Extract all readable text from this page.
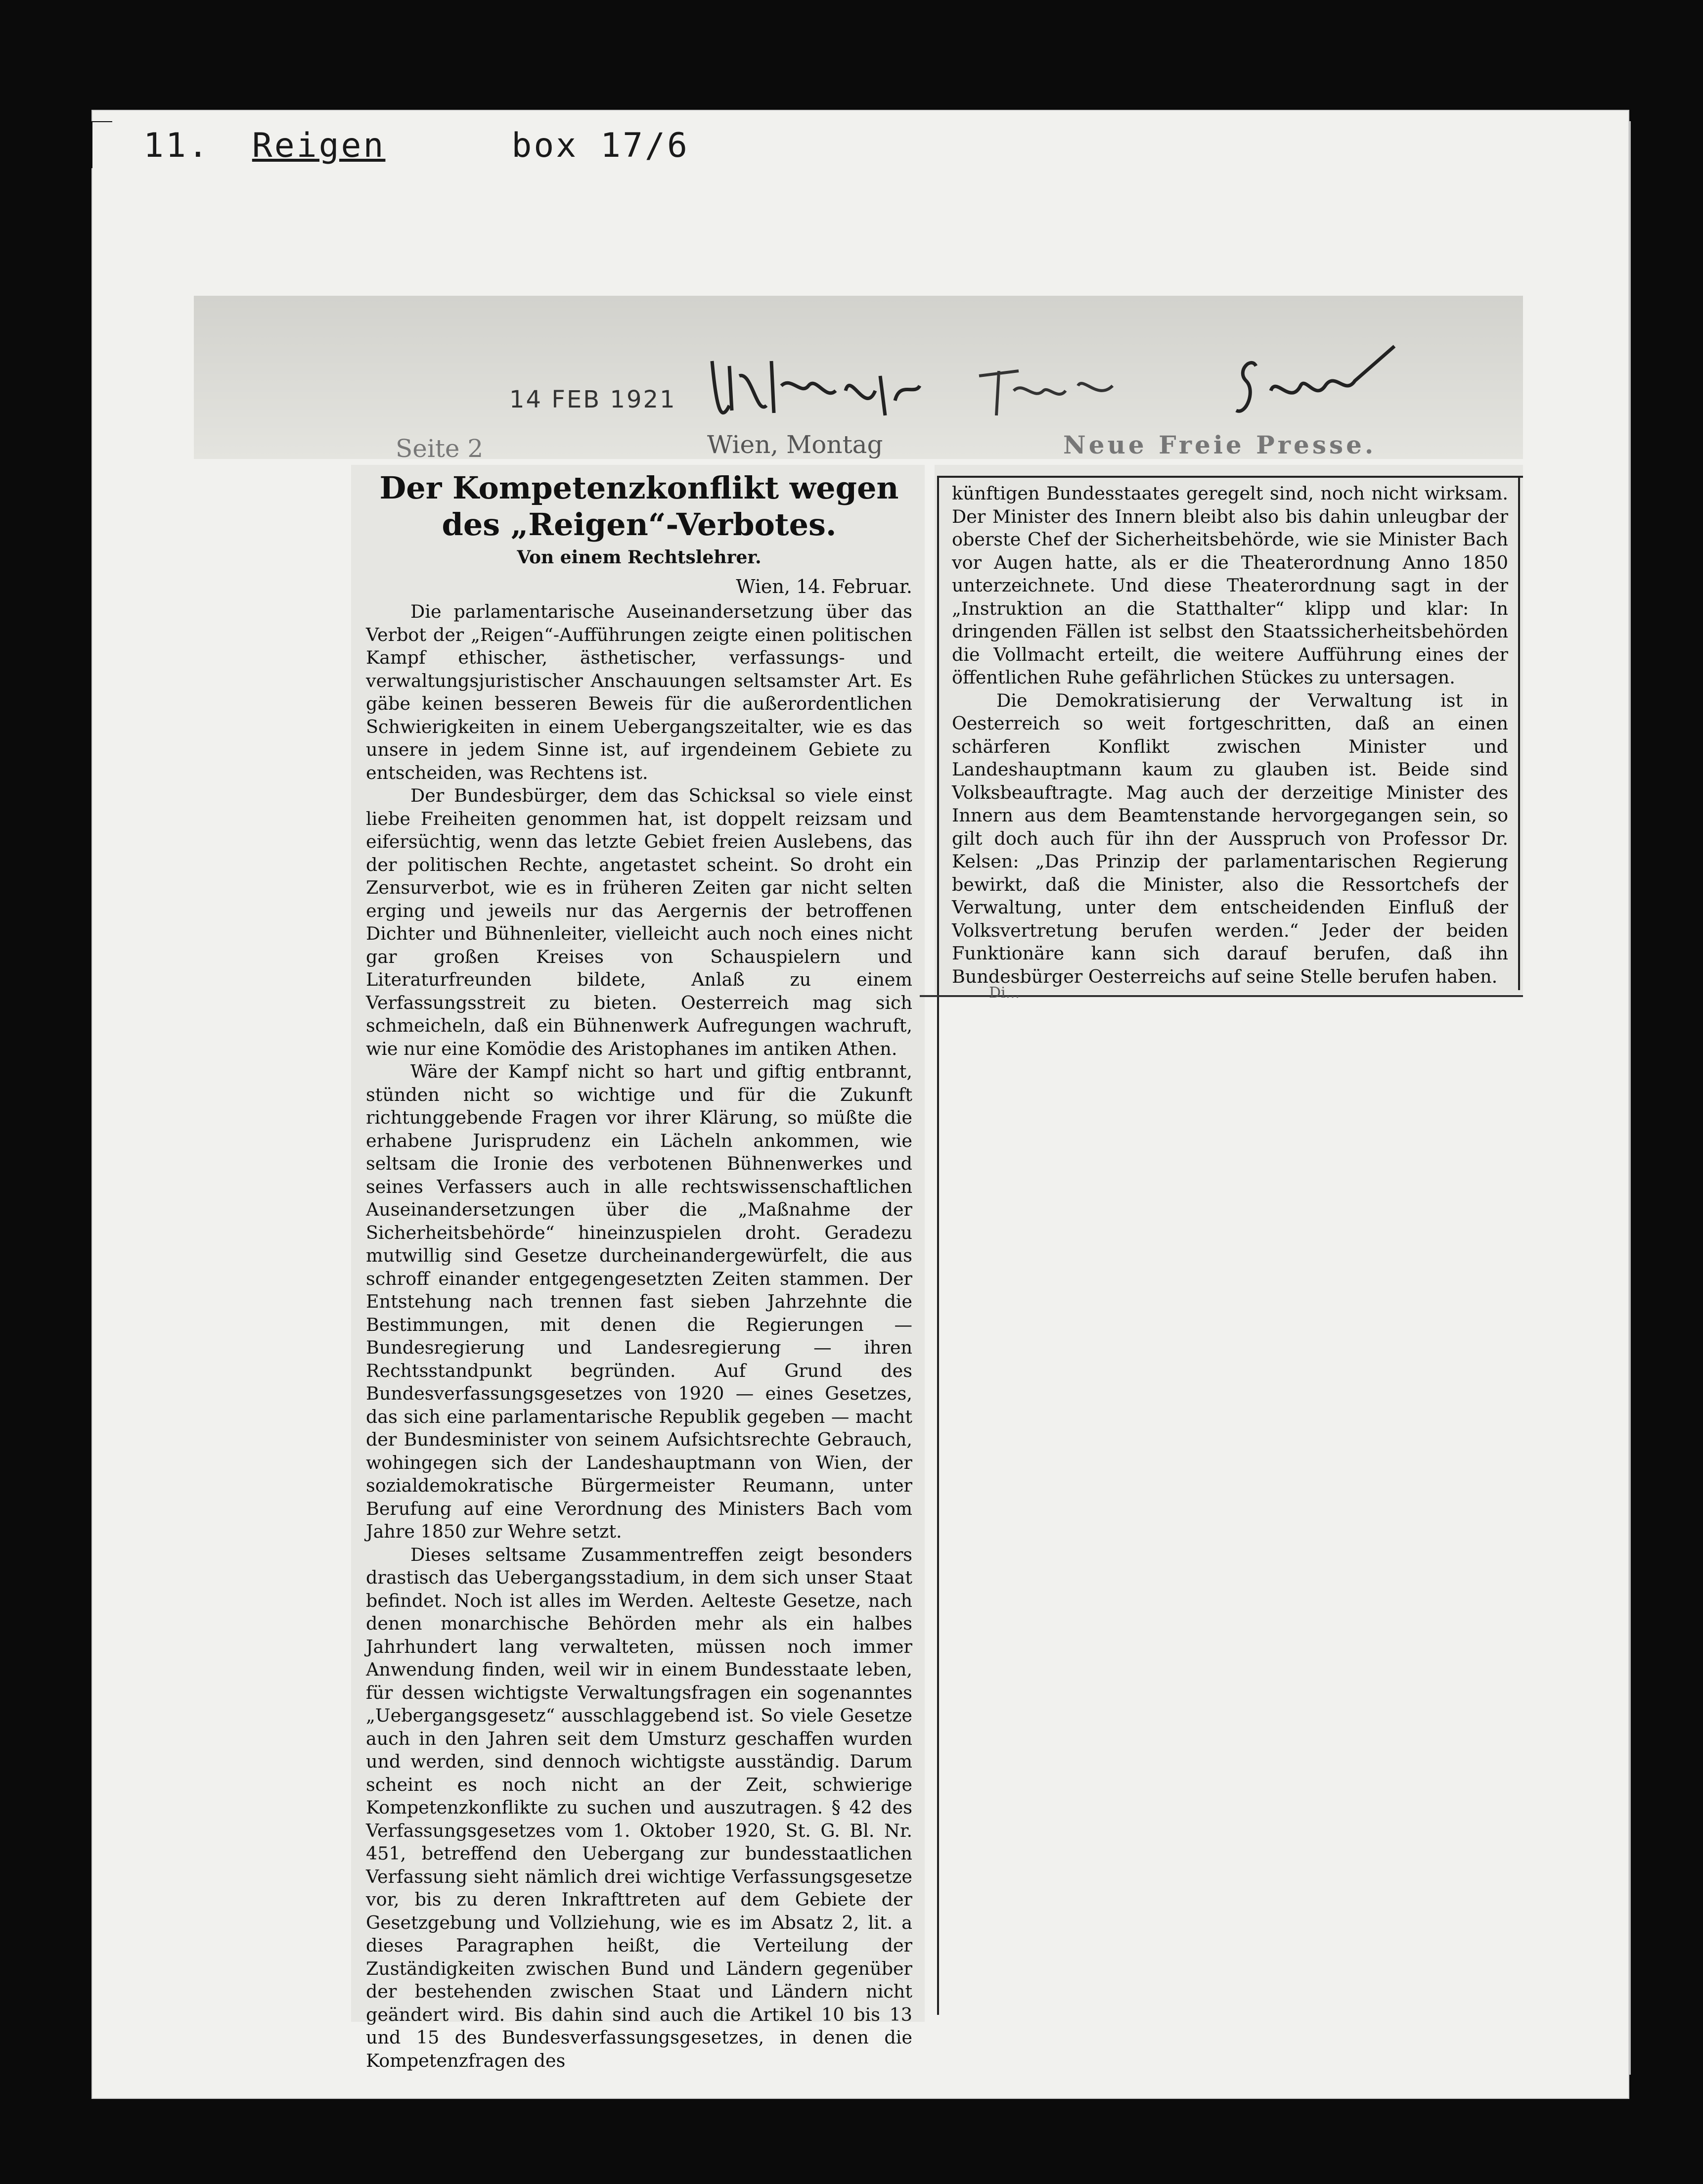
11. Reigen	box 17/6
14 FEB 1921
Seite 2	Wien, Montag	Neue Freie Presse.
Der Kompetenzkonflikt wegen des „Reigen“-Verbotes.
Von einem Rechtslehrer.
Wien, 14. Februar.

Die parlamentarische Auseinandersetzung über das Verbot der „Reigen“-Aufführungen zeigte einen politischen Kampf ethischer, ästhetischer, verfassungs- und verwaltungsjuristischer Anschauungen seltsamster Art. Es gäbe keinen besseren Beweis für die außerordentlichen Schwierigkeiten in einem Uebergangszeitalter, wie es das unsere in jedem Sinne ist, auf irgendeinem Gebiete zu entscheiden, was Rechtens ist.

Der Bundesbürger, dem das Schicksal so viele einst liebe Freiheiten genommen hat, ist doppelt reizsam und eifersüchtig, wenn das letzte Gebiet freien Auslebens, das der politischen Rechte, angetastet scheint. So droht ein Zensurverbot, wie es in früheren Zeiten gar nicht selten erging und jeweils nur das Aergernis der betroffenen Dichter und Bühnenleiter, vielleicht auch noch eines nicht gar großen Kreises von Schauspielern und Literaturfreunden bildete, Anlaß zu einem Verfassungsstreit zu bieten. Oesterreich mag sich schmeicheln, daß ein Bühnenwerk Aufregungen wachruft, wie nur eine Komödie des Aristophanes im antiken Athen.

Wäre der Kampf nicht so hart und giftig entbrannt, stünden nicht so wichtige und für die Zukunft richtunggebende Fragen vor ihrer Klärung, so müßte die erhabene Jurisprudenz ein Lächeln ankommen, wie seltsam die Ironie des verbotenen Bühnenwerkes und seines Verfassers auch in alle rechtswissenschaftlichen Auseinandersetzungen über die „Maßnahme der Sicherheitsbehörde“ hineinzuspielen droht. Geradezu mutwillig sind Gesetze durcheinandergewürfelt, die aus schroff einander entgegengesetzten Zeiten stammen. Der Entstehung nach trennen fast sieben Jahrzehnte die Bestimmungen, mit denen die Regierungen — Bundesregierung und Landesregierung — ihren Rechtsstandpunkt begründen. Auf Grund des Bundesverfassungsgesetzes von 1920 — eines Gesetzes, das sich eine parlamentarische Republik gegeben — macht der Bundesminister von seinem Aufsichtsrechte Gebrauch, wohingegen sich der Landeshauptmann von Wien, der sozialdemokratische Bürgermeister Reumann, unter Berufung auf eine Verordnung des Ministers Bach vom Jahre 1850 zur Wehre setzt.

Dieses seltsame Zusammentreffen zeigt besonders drastisch das Uebergangsstadium, in dem sich unser Staat befindet. Noch ist alles im Werden. Aelteste Gesetze, nach denen monarchische Behörden mehr als ein halbes Jahrhundert lang verwalteten, müssen noch immer Anwendung finden, weil wir in einem Bundesstaate leben, für dessen wichtigste Verwaltungsfragen ein sogenanntes „Uebergangsgesetz“ ausschlaggebend ist. So viele Gesetze auch in den Jahren seit dem Umsturz geschaffen wurden und werden, sind dennoch wichtigste ausständig. Darum scheint es noch nicht an der Zeit, schwierige Kompetenzkonflikte zu suchen und auszutragen. § 42 des Verfassungsgesetzes vom 1. Oktober 1920, St. G. Bl. Nr. 451, betreffend den Uebergang zur bundesstaatlichen Verfassung sieht nämlich drei wichtige Verfassungsgesetze vor, bis zu deren Inkrafttreten auf dem Gebiete der Gesetzgebung und Vollziehung, wie es im Absatz 2, lit. a dieses Paragraphen heißt, die Verteilung der Zuständigkeiten zwischen Bund und Ländern gegenüber der bestehenden zwischen Staat und Ländern nicht geändert wird. Bis dahin sind auch die Artikel 10 bis 13 und 15 des Bundesverfassungsgesetzes, in denen die Kompetenzfragen des

künftigen Bundesstaates geregelt sind, noch nicht wirksam. Der Minister des Innern bleibt also bis dahin unleugbar der oberste Chef der Sicherheitsbehörde, wie sie Minister Bach vor Augen hatte, als er die Theaterordnung Anno 1850 unterzeichnete. Und diese Theaterordnung sagt in der „Instruktion an die Statthalter“ klipp und klar: In dringenden Fällen ist selbst den Staatssicherheitsbehörden die Vollmacht erteilt, die weitere Aufführung eines der öffentlichen Ruhe gefährlichen Stückes zu untersagen.

Die Demokratisierung der Verwaltung ist in Oesterreich so weit fortgeschritten, daß an einen schärferen Konflikt zwischen Minister und Landeshauptmann kaum zu glauben ist. Beide sind Volksbeauftragte. Mag auch der derzeitige Minister des Innern aus dem Beamtenstande hervorgegangen sein, so gilt doch auch für ihn der Ausspruch von Professor Dr. Kelsen: „Das Prinzip der parlamentarischen Regierung bewirkt, daß die Minister, also die Ressortchefs der Verwaltung, unter dem entscheidenden Einfluß der Volksvertretung berufen werden.“ Jeder der beiden Funktionäre kann sich darauf berufen, daß ihn Bundesbürger Oesterreichs auf seine Stelle berufen haben.

Di...
